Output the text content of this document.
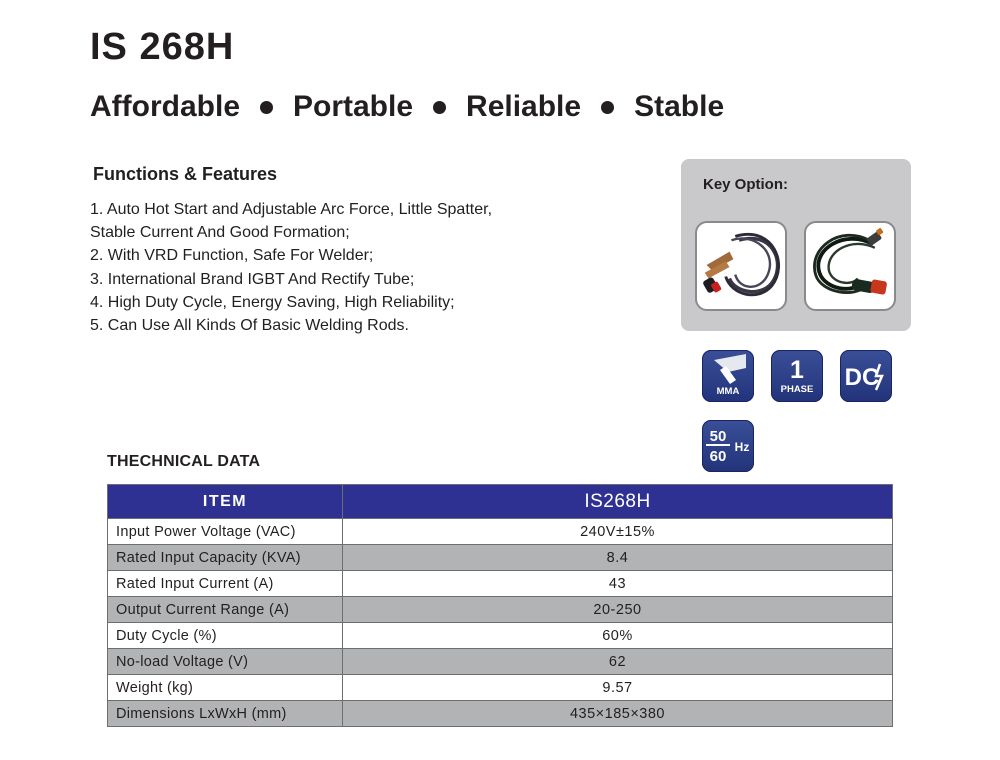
IS 268H
Affordable Portable Reliable Stable
Functions & Features
1. Auto Hot Start and Adjustable Arc Force, Little Spatter,
Stable Current And Good Formation;
2. With VRD Function, Safe For Welder;
3. International Brand IGBT And Rectify Tube;
4. High Duty Cycle, Energy Saving, High Reliability;
5. Can Use All Kinds Of Basic Welding Rods.
Key Option:
MMA
1
PHASE DC
50
60
Hz
THECHNICAL DATA
ITEM	IS268H
Input Power Voltage (VAC)	240V±15%
Rated Input Capacity (KVA)	8.4
Rated Input Current (A)	43
Output Current Range (A)	20-250
Duty Cycle (%)	60%
No-load Voltage (V)	62
Weight (kg)	9.57
Dimensions LxWxH (mm)	435×185×380
